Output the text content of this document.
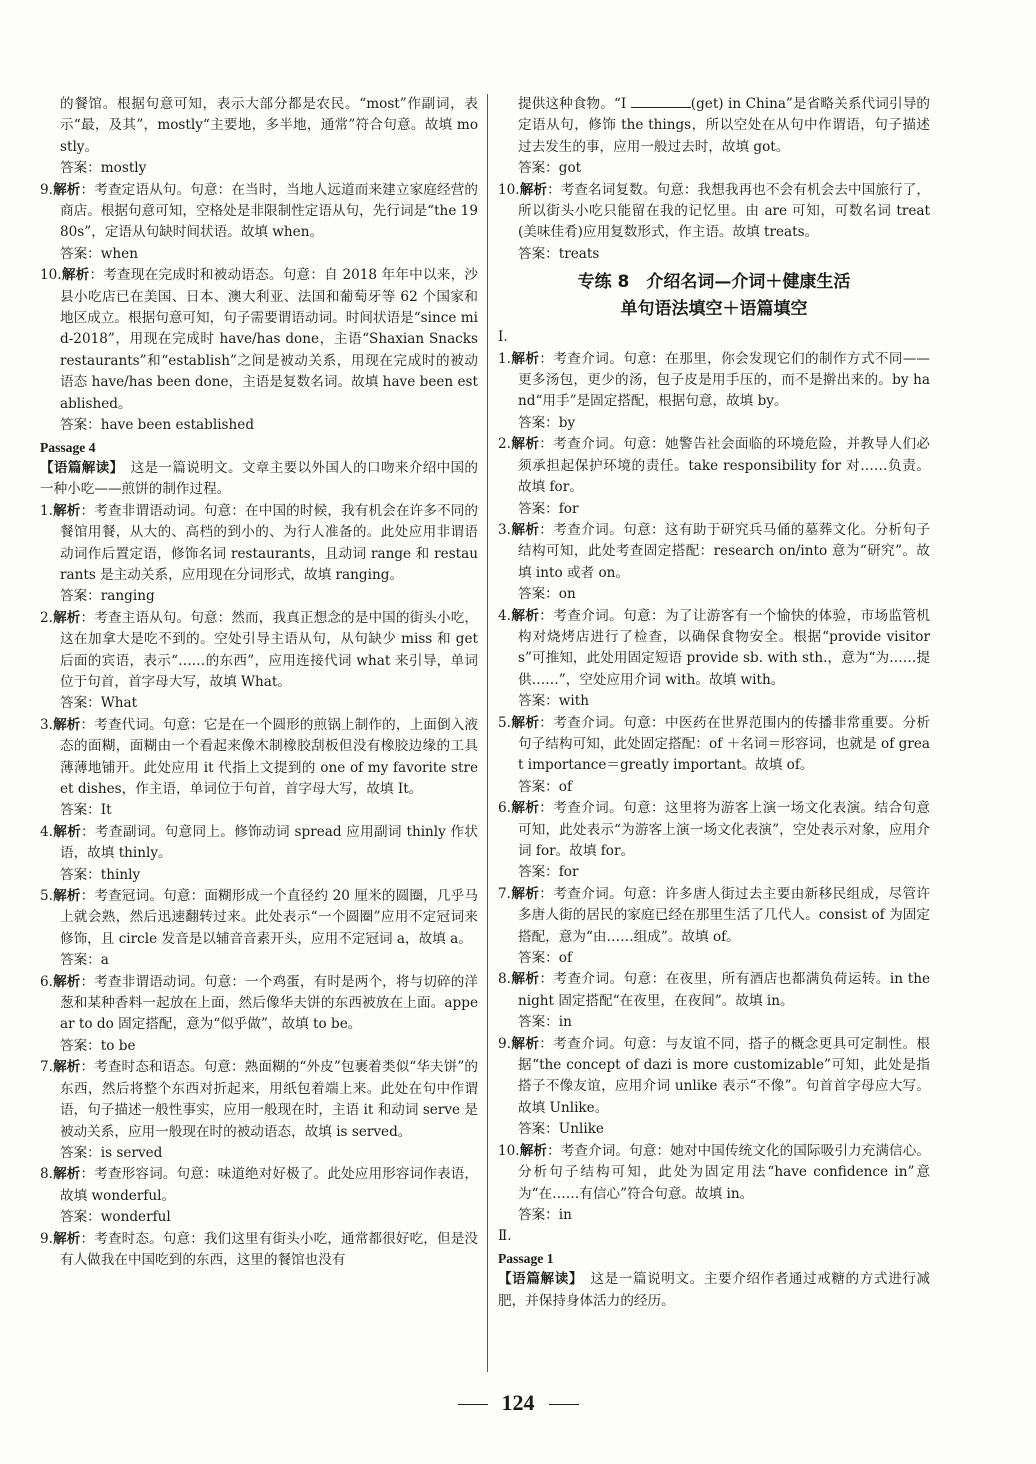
的餐馆。根据句意可知，表示大部分都是农民。“most”作副词，表示“最，及其”，mostly“主要地，多半地，通常”符合句意。故填 mostly。

答案：mostly

9.解析：考查定语从句。句意：在当时，当地人远道而来建立家庭经营的商店。根据句意可知，空格处是非限制性定语从句，先行词是“the 1980s”，定语从句缺时间状语。故填 when。

答案：when

10.解析：考查现在完成时和被动语态。句意：自 2018 年年中以来，沙县小吃店已在美国、日本、澳大利亚、法国和葡萄牙等 62 个国家和地区成立。根据句意可知，句子需要谓语动词。时间状语是“since mid-2018”，用现在完成时 have/has done，主语“Shaxian Snacks restaurants”和“establish”之间是被动关系，用现在完成时的被动语态 have/has been done，主语是复数名词。故填 have been established。

答案：have been established

Passage 4

【语篇解读】　 这是一篇说明文。文章主要以外国人的口吻来介绍中国的一种小吃——煎饼的制作过程。

1.解析：考查非谓语动词。句意：在中国的时候，我有机会在许多不同的餐馆用餐，从大的、高档的到小的、为行人准备的。此处应用非谓语动词作后置定语，修饰名词 restaurants，且动词 range 和 restaurants 是主动关系，应用现在分词形式，故填 ranging。

答案：ranging

2.解析：考查主语从句。句意：然而，我真正想念的是中国的街头小吃，这在加拿大是吃不到的。空处引导主语从句，从句缺少 miss 和 get 后面的宾语，表示“……的东西”，应用连接代词 what 来引导，单词位于句首，首字母大写，故填 What。

答案：What

3.解析：考查代词。句意：它是在一个圆形的煎锅上制作的，上面倒入液态的面糊，面糊由一个看起来像木制橡胶刮板但没有橡胶边缘的工具薄薄地铺开。此处应用 it 代指上文提到的 one of my favorite street dishes，作主语，单词位于句首，首字母大写，故填 It。

答案：It

4.解析：考查副词。句意同上。修饰动词 spread 应用副词 thinly 作状语，故填 thinly。

答案：thinly

5.解析：考查冠词。句意：面糊形成一个直径约 20 厘米的圆圈，几乎马上就会熟，然后迅速翻转过来。此处表示“一个圆圈”应用不定冠词来修饰，且 circle 发音是以辅音音素开头，应用不定冠词 a，故填 a。

答案：a

6.解析：考查非谓语动词。句意：一个鸡蛋，有时是两个，将与切碎的洋葱和某种香料一起放在上面，然后像华夫饼的东西被放在上面。appear to do 固定搭配，意为“似乎做”，故填 to be。

答案：to be

7.解析：考查时态和语态。句意：熟面糊的“外皮”包裹着类似“华夫饼”的东西，然后将整个东西对折起来，用纸包着端上来。此处在句中作谓语，句子描述一般性事实，应用一般现在时，主语 it 和动词 serve 是被动关系，应用一般现在时的被动语态，故填 is served。

答案：is served

8.解析：考查形容词。句意：味道绝对好极了。此处应用形容词作表语，故填 wonderful。

答案：wonderful

9.解析：考查时态。句意：我们这里有街头小吃，通常都很好吃，但是没有人做我在中国吃到的东西，这里的餐馆也没有

提供这种食物。“I	(get) in China”是省略关系代词引导的定语从句，修饰 the things，所以空处在从句中作谓语，句子描述过去发生的事，应用一般过去时，故填 got。

答案：got

10.解析：考查名词复数。句意：我想我再也不会有机会去中国旅行了，所以街头小吃只能留在我的记忆里。由 are 可知，可数名词 treat(美味佳肴)应用复数形式，作主语。故填 treats。

答案：treats

专练 8　介绍名词—介词＋健康生活
单句语法填空＋语篇填空

Ⅰ.

1.解析：考查介词。句意：在那里，你会发现它们的制作方式不同——更多汤包，更少的汤，包子皮是用手压的，而不是擀出来的。by hand“用手”是固定搭配，根据句意，故填 by。

答案：by

2.解析：考查介词。句意：她警告社会面临的环境危险，并教导人们必须承担起保护环境的责任。take responsibility for 对……负责。故填 for。

答案：for

3.解析：考查介词。句意：这有助于研究兵马俑的墓葬文化。分析句子结构可知，此处考查固定搭配：research on/into 意为“研究”。故填 into 或者 on。

答案：on

4.解析：考查介词。句意：为了让游客有一个愉快的体验，市场监管机构对烧烤店进行了检查，以确保食物安全。根据“provide visitors”可推知，此处用固定短语 provide sb. with sth.，意为“为……提供……”，空处应用介词 with。故填 with。

答案：with

5.解析：考查介词。句意：中医药在世界范围内的传播非常重要。分析句子结构可知，此处固定搭配：of ＋名词＝形容词，也就是 of great importance＝greatly important。故填 of。

答案：of

6.解析：考查介词。句意：这里将为游客上演一场文化表演。结合句意可知，此处表示“为游客上演一场文化表演”，空处表示对象，应用介词 for。故填 for。

答案：for

7.解析：考查介词。句意：许多唐人街过去主要由新移民组成，尽管许多唐人街的居民的家庭已经在那里生活了几代人。consist of 为固定搭配，意为“由……组成”。故填 of。

答案：of

8.解析：考查介词。句意：在夜里，所有酒店也都满负荷运转。in the night 固定搭配“在夜里，在夜间”。故填 in。

答案：in

9.解析：考查介词。句意：与友谊不同，搭子的概念更具可定制性。根据“the concept of dazi is more customizable”可知，此处是指搭子不像友谊，应用介词 unlike 表示“不像”。句首首字母应大写。故填 Unlike。

答案：Unlike

10.解析：考查介词。句意：她对中国传统文化的国际吸引力充满信心。分析句子结构可知，此处为固定用法“have confidence in”意为“在……有信心”符合句意。故填 in。

答案：in

Ⅱ.

Passage 1

【语篇解读】　 这是一篇说明文。主要介绍作者通过戒糖的方式进行减肥，并保持身体活力的经历。

124
